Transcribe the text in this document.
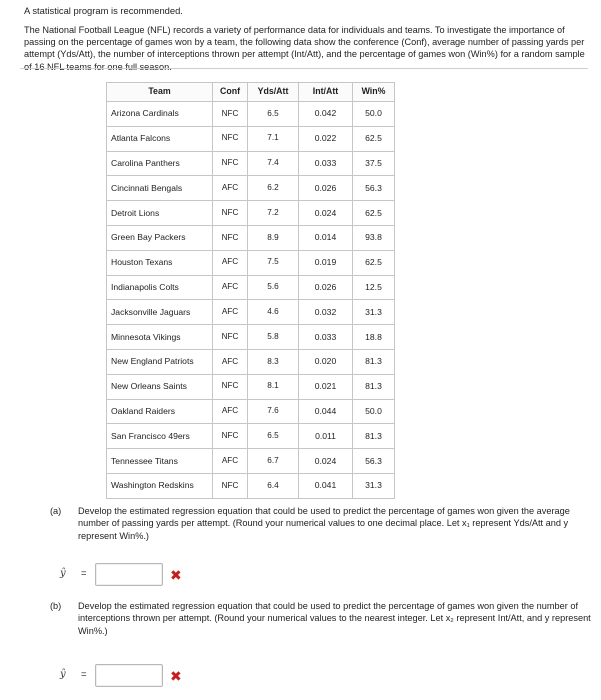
A statistical program is recommended.
The National Football League (NFL) records a variety of performance data for individuals and teams. To investigate the importance of passing on the percentage of games won by a team, the following data show the conference (Conf), average number of passing yards per attempt (Yds/Att), the number of interceptions thrown per attempt (Int/Att), and the percentage of games won (Win%) for a random sample of 16 NFL teams for one full season.
Team	Conf	Yds/Att	Int/Att	Win%
Arizona Cardinals	NFC	6.5	0.042	50.0
Atlanta Falcons	NFC	7.1	0.022	62.5
Carolina Panthers	NFC	7.4	0.033	37.5
Cincinnati Bengals	AFC	6.2	0.026	56.3
Detroit Lions	NFC	7.2	0.024	62.5
Green Bay Packers	NFC	8.9	0.014	93.8
Houston Texans	AFC	7.5	0.019	62.5
Indianapolis Colts	AFC	5.6	0.026	12.5
Jacksonville Jaguars	AFC	4.6	0.032	31.3
Minnesota Vikings	NFC	5.8	0.033	18.8
New England Patriots	AFC	8.3	0.020	81.3
New Orleans Saints	NFC	8.1	0.021	81.3
Oakland Raiders	AFC	7.6	0.044	50.0
San Francisco 49ers	NFC	6.5	0.011	81.3
Tennessee Titans	AFC	6.7	0.024	56.3
Washington Redskins	NFC	6.4	0.041	31.3
(a) Develop the estimated regression equation that could be used to predict the percentage of games won given the average number of passing yards per attempt. (Round your numerical values to one decimal place. Let x₁ represent Yds/Att and y represent Win%.)
ŷ =	✖
(b) Develop the estimated regression equation that could be used to predict the percentage of games won given the number of interceptions thrown per attempt. (Round your numerical values to the nearest integer. Let x₂ represent Int/Att, and y represent Win%.)
ŷ =	✖
